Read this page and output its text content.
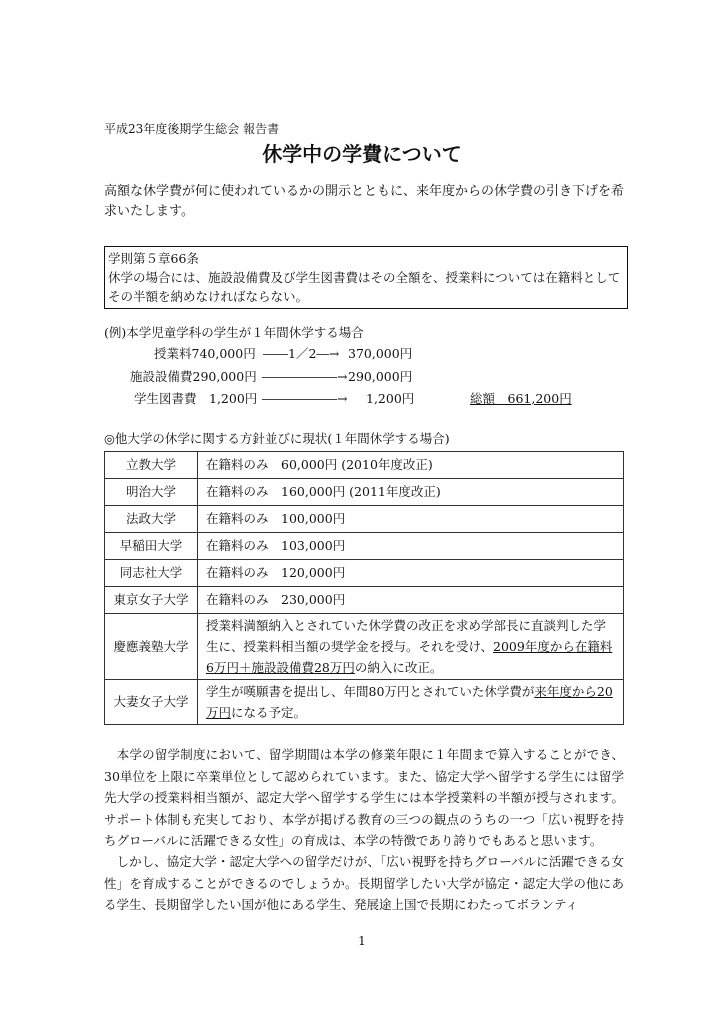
平成23年度後期学生総会 報告書
休学中の学費について
高額な休学費が何に使われているかの開示とともに、来年度からの休学費の引き下げを希求いたします。
学則第５章66条
休学の場合には、施設設備費及び学生図書費はその全額を、授業料については在籍料としてその半額を納めなければならない。
(例)本学児童学科の学生が１年間休学する場合
授業料740,000円 ――1／2―→ 370,000円
施設設備費290,000円 ――――――→ 290,000円
学生図書費　1,200円 ――――――→ 1,200円	総額　661,200円
◎他大学の休学に関する方針並びに現状(１年間休学する場合)
立教大学	在籍料のみ　60,000円 (2010年度改正)
明治大学	在籍料のみ　160,000円 (2011年度改正)
法政大学	在籍料のみ　100,000円
早稲田大学	在籍料のみ　103,000円
同志社大学	在籍料のみ　120,000円
東京女子大学	在籍料のみ　230,000円
慶應義塾大学	授業料満額納入とされていた休学費の改正を求め学部長に直談判した学生に、授業料相当額の奨学金を授与。それを受け、2009年度から在籍料6万円＋施設設備費28万円の納入に改正。
大妻女子大学	学生が嘆願書を提出し、年間80万円とされていた休学費が来年度から20万円になる予定。
　本学の留学制度において、留学期間は本学の修業年限に１年間まで算入することができ、30単位を上限に卒業単位として認められています。また、協定大学へ留学する学生には留学先大学の授業料相当額が、認定大学へ留学する学生には本学授業料の半額が授与されます。サポート体制も充実しており、本学が掲げる教育の三つの観点のうちの一つ「広い視野を持ちグローバルに活躍できる女性」の育成は、本学の特徴であり誇りでもあると思います。
　しかし、協定大学・認定大学への留学だけが、「広い視野を持ちグローバルに活躍できる女性」を育成することができるのでしょうか。長期留学したい大学が協定・認定大学の他にある学生、長期留学したい国が他にある学生、発展途上国で長期にわたってボランティ
1
